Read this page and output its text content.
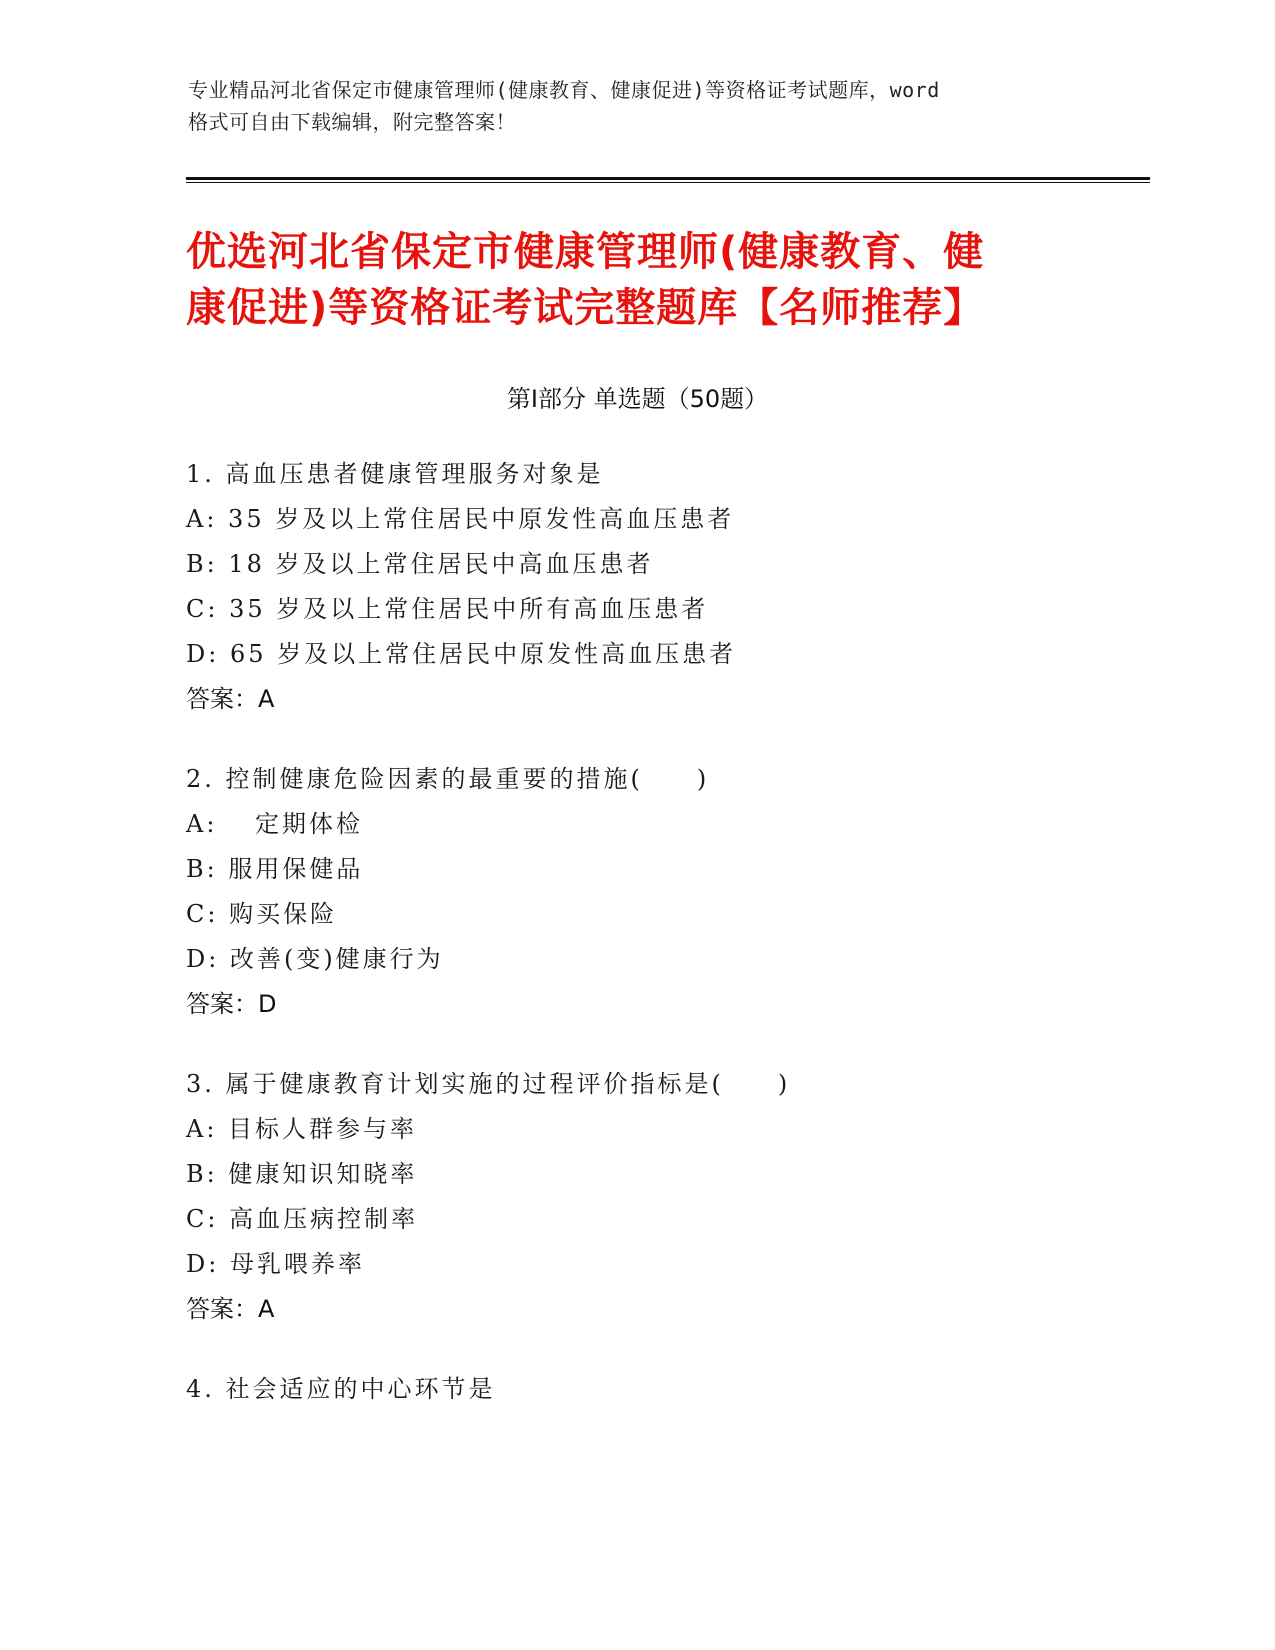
专业精品河北省保定市健康管理师(健康教育、健康促进)等资格证考试题库，word
格式可自由下载编辑，附完整答案！
优选河北省保定市健康管理师(健康教育、健
康促进)等资格证考试完整题库【名师推荐】
第Ⅰ部分 单选题（50题）
1. 高血压患者健康管理服务对象是
A: 35 岁及以上常住居民中原发性高血压患者
B: 18 岁及以上常住居民中高血压患者
C: 35 岁及以上常住居民中所有高血压患者
D: 65 岁及以上常住居民中原发性高血压患者
答案：A
2. 控制健康危险因素的最重要的措施(　　)
A: 　定期体检
B: 服用保健品
C: 购买保险
D: 改善(变)健康行为
答案：D
3. 属于健康教育计划实施的过程评价指标是(　　)
A: 目标人群参与率
B: 健康知识知晓率
C: 高血压病控制率
D: 母乳喂养率
答案：A
4. 社会适应的中心环节是
